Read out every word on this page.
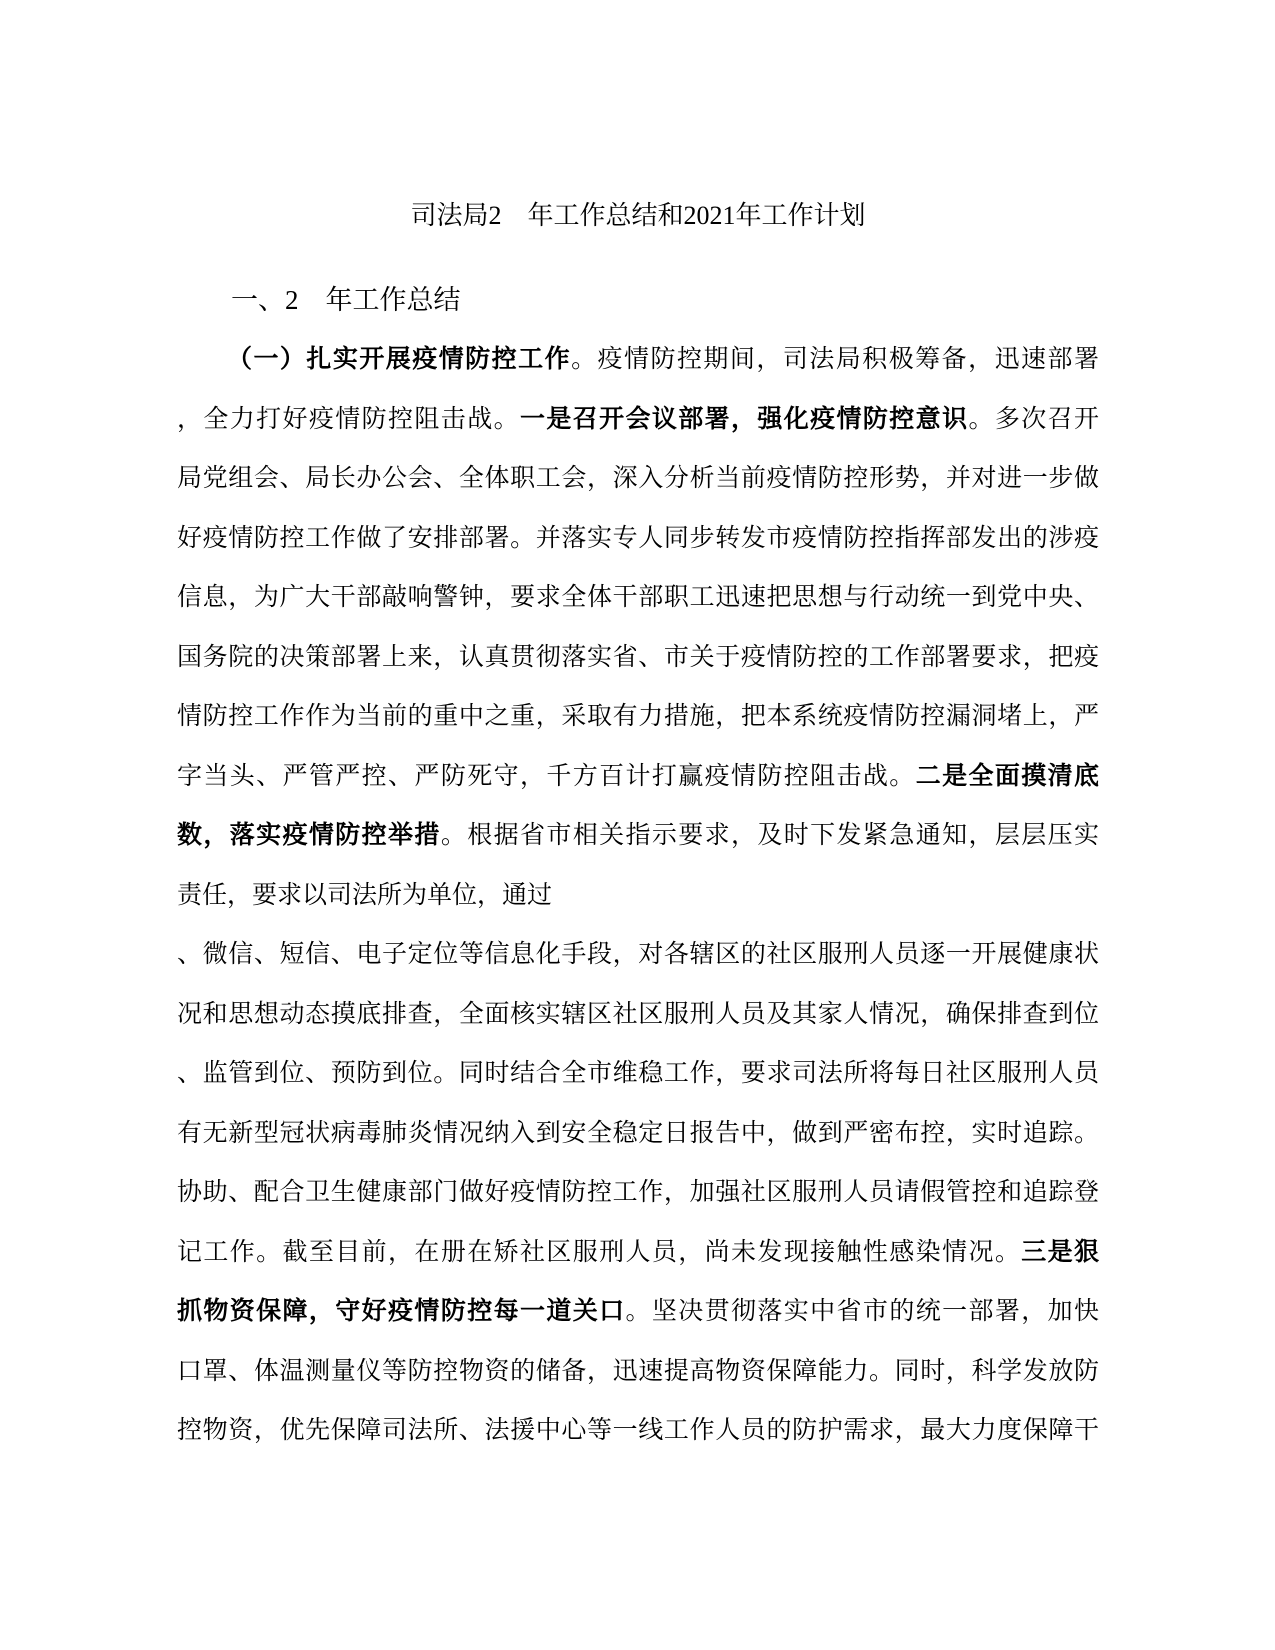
司法局2　年工作总结和2021年工作计划
一、2　年工作总结
（一）扎实开展疫情防控工作。疫情防控期间，司法局积极筹备，迅速部署
，全力打好疫情防控阻击战。一是召开会议部署，强化疫情防控意识。多次召开
局党组会、局长办公会、全体职工会，深入分析当前疫情防控形势，并对进一步做
好疫情防控工作做了安排部署。并落实专人同步转发市疫情防控指挥部发出的涉疫
信息，为广大干部敲响警钟，要求全体干部职工迅速把思想与行动统一到党中央、
国务院的决策部署上来，认真贯彻落实省、市关于疫情防控的工作部署要求，把疫
情防控工作作为当前的重中之重，采取有力措施，把本系统疫情防控漏洞堵上，严
字当头、严管严控、严防死守，千方百计打赢疫情防控阻击战。二是全面摸清底
数，落实疫情防控举措。根据省市相关指示要求，及时下发紧急通知，层层压实
责任，要求以司法所为单位，通过
、微信、短信、电子定位等信息化手段，对各辖区的社区服刑人员逐一开展健康状
况和思想动态摸底排查，全面核实辖区社区服刑人员及其家人情况，确保排查到位
、监管到位、预防到位。同时结合全市维稳工作，要求司法所将每日社区服刑人员
有无新型冠状病毒肺炎情况纳入到安全稳定日报告中，做到严密布控，实时追踪。
协助、配合卫生健康部门做好疫情防控工作，加强社区服刑人员请假管控和追踪登
记工作。截至目前，在册在矫社区服刑人员，尚未发现接触性感染情况。三是狠
抓物资保障，守好疫情防控每一道关口。坚决贯彻落实中省市的统一部署，加快
口罩、体温测量仪等防控物资的储备，迅速提高物资保障能力。同时，科学发放防
控物资，优先保障司法所、法援中心等一线工作人员的防护需求，最大力度保障干
